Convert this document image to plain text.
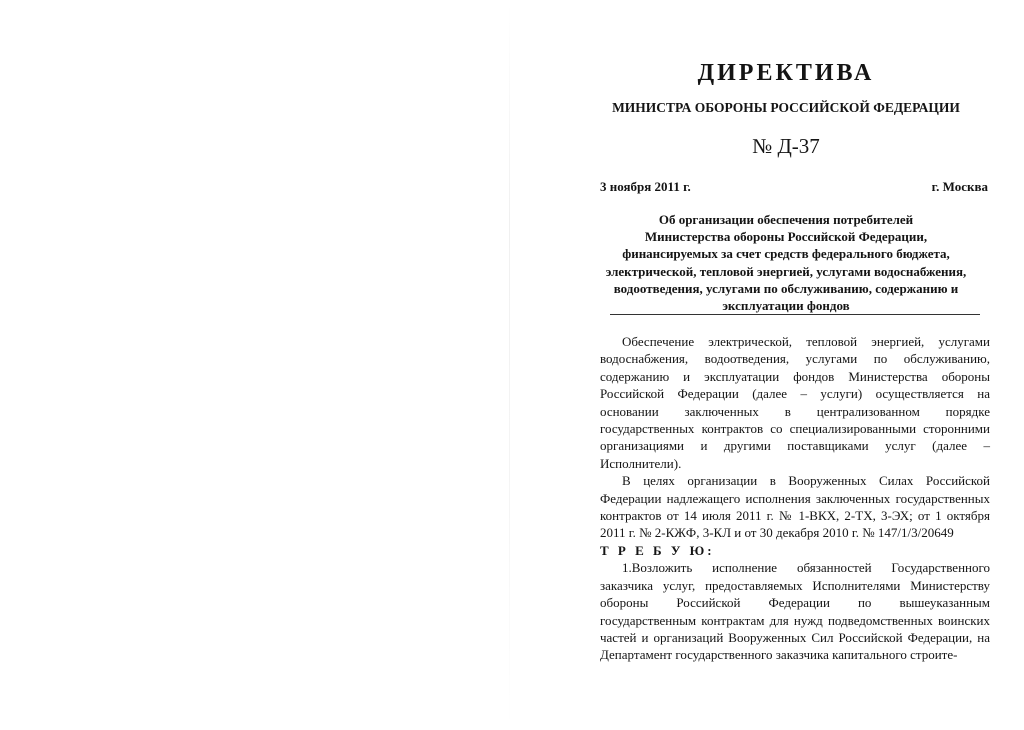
ДИРЕКТИВА
МИНИСТРА ОБОРОНЫ РОССИЙСКОЙ ФЕДЕРАЦИИ
№ Д-37
3 ноября 2011 г.	г. Москва
Об организации обеспечения потребителей
Министерства обороны Российской Федерации,
финансируемых за счет средств федерального бюджета,
электрической, тепловой энергией, услугами водоснабжения,
водоотведения, услугами по обслуживанию, содержанию и
эксплуатации фондов

Обеспечение электрической, тепловой энергией, услугами водоснабжения, водоотведения, услугами по обслуживанию, содержанию и эксплуатации фондов Министерства обороны Российской Федерации (далее – услуги) осуществляется на основании заключенных в централизованном порядке государственных контрактов со специализированными сторонними организациями и другими поставщиками услуг (далее – Исполнители).

В целях организации в Вооруженных Силах Российской Федерации надлежащего исполнения заключенных государственных контрактов от 14 июля 2011 г. № 1-ВКХ, 2-ТХ, 3-ЭХ; от 1 октября 2011 г. № 2-КЖФ, 3-КЛ и от 30 декабря 2010 г. № 147/1/3/20649

Т Р Е Б У Ю:

1.Возложить исполнение обязанностей Государственного заказчика услуг, предоставляемых Исполнителями Министерству обороны Российской Федерации по вышеуказанным государственным контрактам для нужд подведомственных воинских частей и организаций Вооруженных Сил Российской Федерации, на Департамент государственного заказчика капитального строите-
